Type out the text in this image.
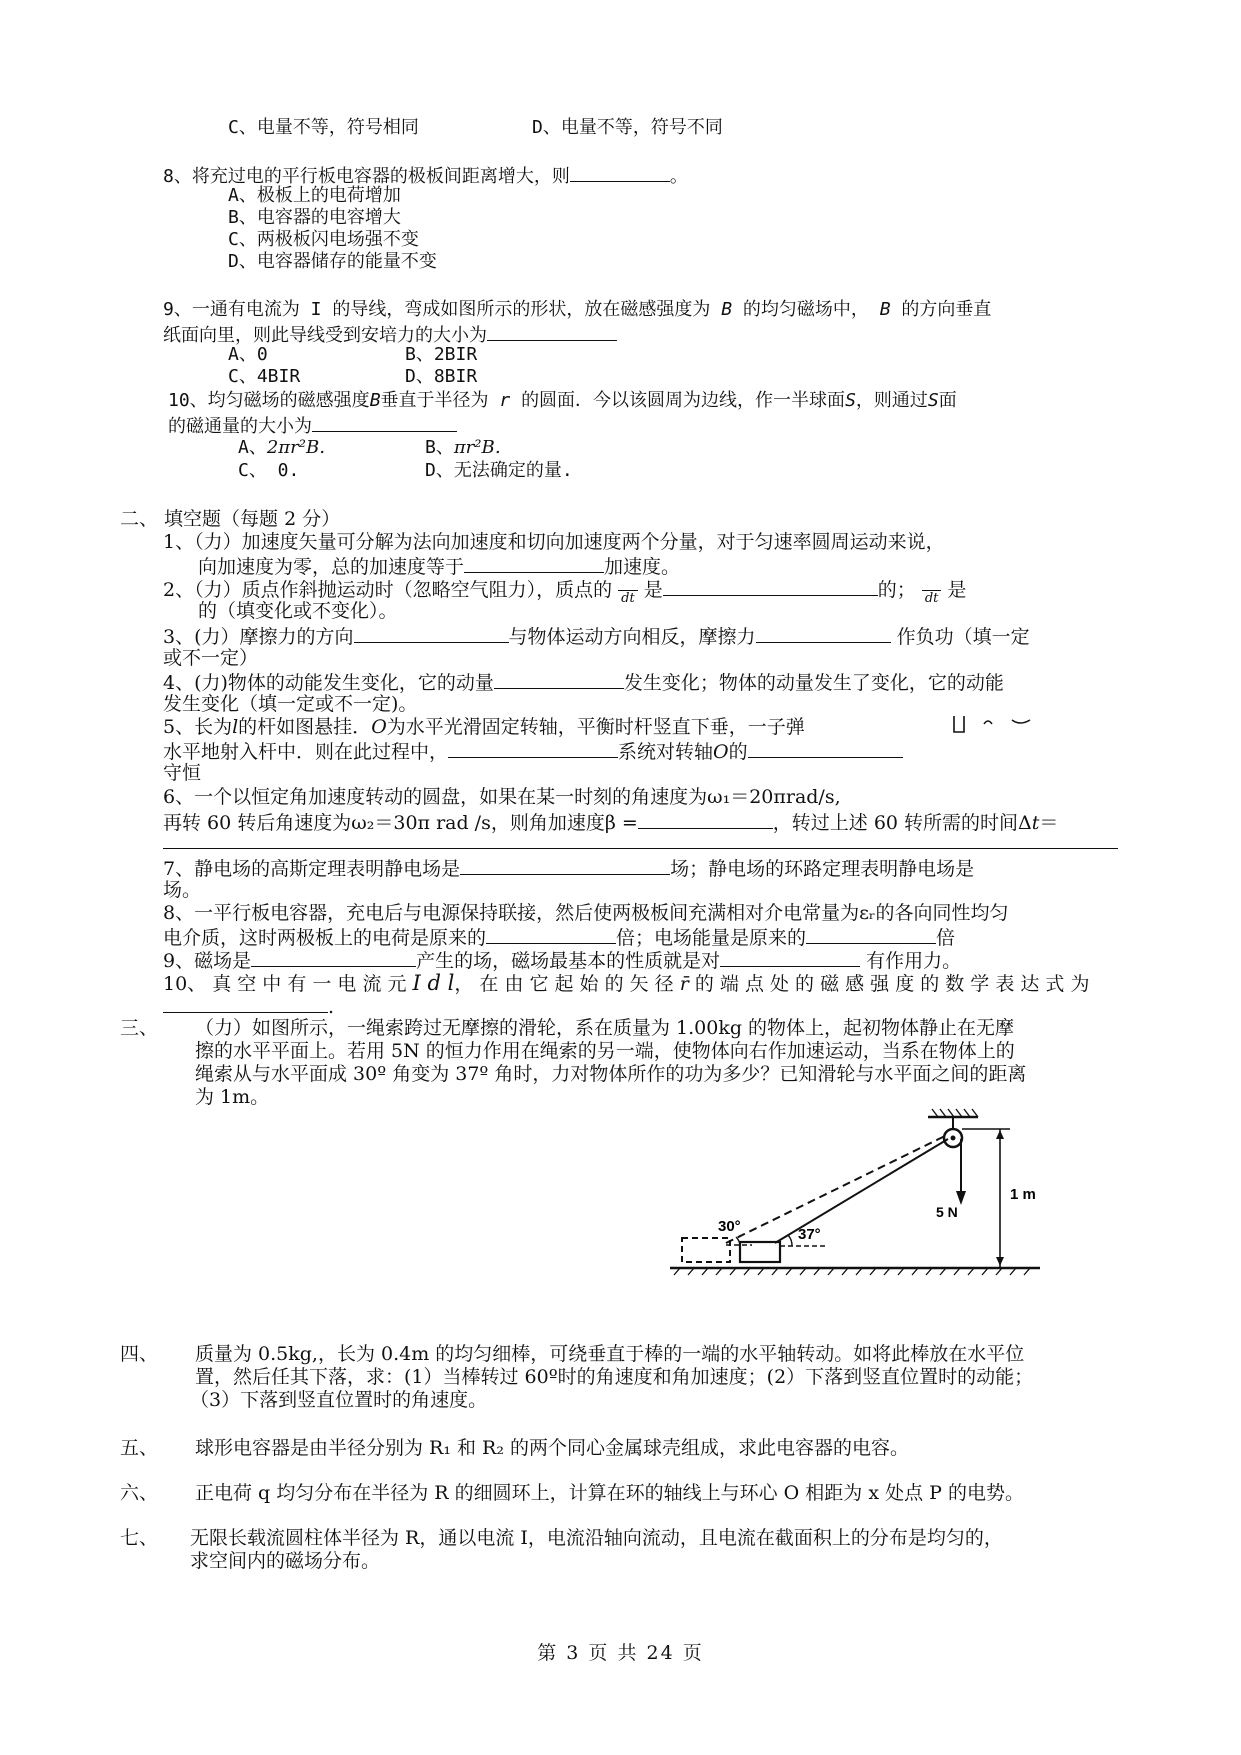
C、电量不等，符号相同	D、电量不等，符号不同
8、将充过电的平行板电容器的极板间距离增大，则	。
A、极板上的电荷增加
B、电容器的电容增大
C、两极板闪电场强不变
D、电容器储存的能量不变
9、一通有电流为 I 的导线，弯成如图所示的形状，放在磁感强度为 B 的均匀磁场中， B 的方向垂直
纸面向里，则此导线受到安培力的大小为
A、0	B、2BIR
C、4BIR	D、8BIR
10、均匀磁场的磁感强度B垂直于半径为 r 的圆面．今以该圆周为边线，作一半球面S，则通过S面
的磁通量的大小为
A、2πr²B．	B、πr²B．
C、 0.	D、无法确定的量.
二、 填空题（每题 2 分）
1、（力）加速度矢量可分解为法向加速度和切向加速度两个分量，对于匀速率圆周运动来说，
向加速度为零，总的加速度等于	加速度。
2、（力）质点作斜抛运动时（忽略空气阻力），质点的 dt 是	的； dt 是
的（填变化或不变化）。
3、(力）摩擦力的方向	与物体运动方向相反，摩擦力	作负功（填一定
或不一定）
4、(力)物体的动能发生变化，它的动量	发生变化；物体的动量发生了变化，它的动能
发生变化（填一定或不一定)。
5、长为l的杆如图悬挂．O为水平光滑固定转轴，平衡时杆竖直下垂，一子弹
水平地射入杆中．则在此过程中，	系统对转轴O的
守恒
6、一个以恒定角加速度转动的圆盘，如果在某一时刻的角速度为ω₁＝20πrad/s,
再转 60 转后角速度为ω₂＝30π rad /s，则角加速度β =	，转过上述 60 转所需的时间Δt＝
7、静电场的高斯定理表明静电场是	场；静电场的环路定理表明静电场是
场。
8、一平行板电容器，充电后与电源保持联接，然后使两极板间充满相对介电常量为εᵣ的各向同性均匀
电介质，这时两极板上的电荷是原来的	倍；电场能量是原来的	倍
9、磁场是	产生的场，磁场最基本的性质就是对	有作用力。
10、 真 空 中 有 一 电 流 元 I d l， 在 由 它 起 始 的 矢 径 r̄ 的 端 点 处 的 磁 感 强 度 的 数 学 表 达 式 为
.
三、 （力）如图所示，一绳索跨过无摩擦的滑轮，系在质量为 1.00kg 的物体上，起初物体静止在无摩
擦的水平平面上。若用 5N 的恒力作用在绳索的另一端，使物体向右作加速运动，当系在物体上的
绳索从与水平面成 30º 角变为 37º 角时，力对物体所作的功为多少？已知滑轮与水平面之间的距离
为 1m。
30°	37°
5 N
1 m
四、 质量为 0.5kg,，长为 0.4m 的均匀细棒，可绕垂直于棒的一端的水平轴转动。如将此棒放在水平位
置，然后任其下落，求：(1）当棒转过 60º时的角速度和角加速度；(2）下落到竖直位置时的动能；
（3）下落到竖直位置时的角速度。
五、 球形电容器是由半径分别为 R₁ 和 R₂ 的两个同心金属球壳组成，求此电容器的电容。
六、 正电荷 q 均匀分布在半径为 R 的细圆环上，计算在环的轴线上与环心 O 相距为 x 处点 P 的电势。
七、 无限长载流圆柱体半径为 R，通以电流 I，电流沿轴向流动，且电流在截面积上的分布是均匀的，
求空间内的磁场分布。
第 3 页 共 24 页
